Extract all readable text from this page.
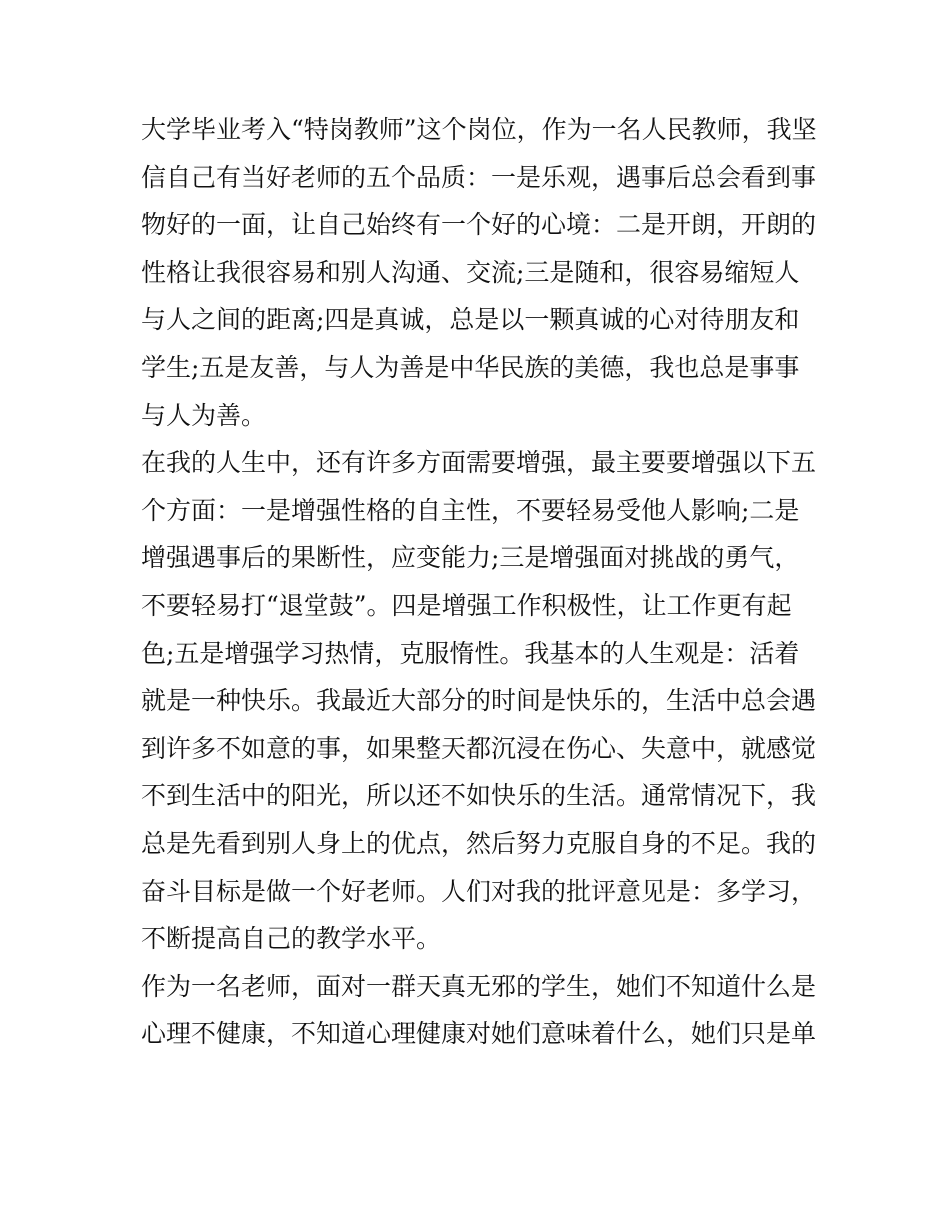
大学毕业考入“特岗教师”这个岗位，作为一名人民教师，我坚
信自己有当好老师的五个品质：一是乐观，遇事后总会看到事
物好的一面，让自己始终有一个好的心境：二是开朗，开朗的
性格让我很容易和别人沟通、交流;三是随和，很容易缩短人
与人之间的距离;四是真诚，总是以一颗真诚的心对待朋友和
学生;五是友善，与人为善是中华民族的美德，我也总是事事
与人为善。
在我的人生中，还有许多方面需要增强，最主要要增强以下五
个方面：一是增强性格的自主性，不要轻易受他人影响;二是
增强遇事后的果断性，应变能力;三是增强面对挑战的勇气，
不要轻易打“退堂鼓”。四是增强工作积极性，让工作更有起
色;五是增强学习热情，克服惰性。我基本的人生观是：活着
就是一种快乐。我最近大部分的时间是快乐的，生活中总会遇
到许多不如意的事，如果整天都沉浸在伤心、失意中，就感觉
不到生活中的阳光，所以还不如快乐的生活。通常情况下，我
总是先看到别人身上的优点，然后努力克服自身的不足。我的
奋斗目标是做一个好老师。人们对我的批评意见是：多学习，
不断提高自己的教学水平。
作为一名老师，面对一群天真无邪的学生，她们不知道什么是
心理不健康，不知道心理健康对她们意味着什么，她们只是单
